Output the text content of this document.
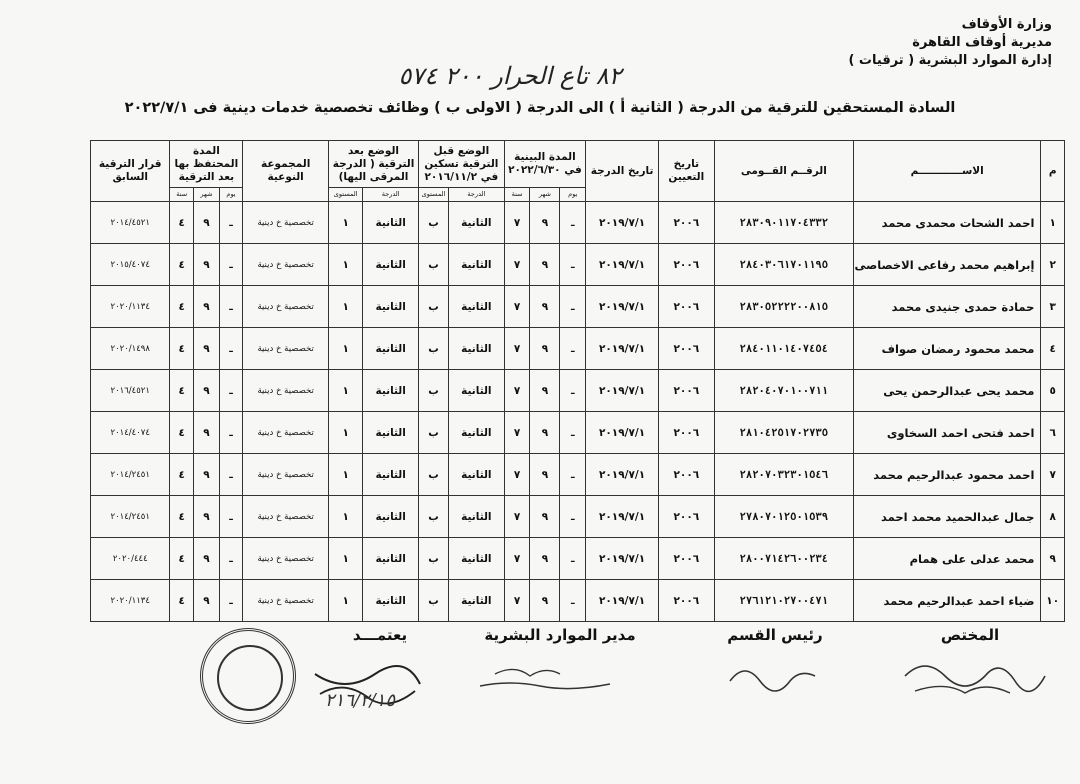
وزارة الأوقاف
مديرية أوقاف القاهرة
إدارة الموارد البشرية ( ترقيات )
٨٢ تاع الحرار ٢٠٠ ٥٧٤
السادة المستحقين للترقية من الدرجة ( الثانية أ ) الى الدرجة ( الاولى ب ) وظائف تخصصية خدمات دينية فى ٢٠٢٢/٧/١
م	الاســــــــــــم	الرقــم القــومى	تاريخ التعيين	تاريخ الدرجة	المدة البينية في ٢٠٢٢/٦/٣٠			الوضع قبل الترقية تسكين في ٢٠١٦/١١/٢		الوضع بعد الترقية ( الدرجة المرقى اليها)		المجموعة النوعية	المدة المحتفظ بها بعد الترقية			قرار الترقية السابق
					يوم	شهر	سنة	الدرجة	المستوى	الدرجة	المستوى		يوم	شهر	سنة	
١	احمد الشحات محمدى محمد	٢٨٣٠٩٠١١٧٠٤٣٣٢	٢٠٠٦	٢٠١٩/٧/١	ـ	٩	٧	الثانية	ب	الثانية	١	تخصصية خ دينية	ـ	٩	٤	٢٠١٤/٤٥٢١
٢	إبراهيم محمد رفاعى الاخصاصى	٢٨٤٠٣٠٦١٧٠١١٩٥	٢٠٠٦	٢٠١٩/٧/١	ـ	٩	٧	الثانية	ب	الثانية	١	تخصصية خ دينية	ـ	٩	٤	٢٠١٥/٤٠٧٤
٣	حمادة حمدى جنيدى محمد	٢٨٣٠٥٢٢٢٢٠٠٨١٥	٢٠٠٦	٢٠١٩/٧/١	ـ	٩	٧	الثانية	ب	الثانية	١	تخصصية خ دينية	ـ	٩	٤	٢٠٢٠/١١٣٤
٤	محمد محمود رمضان صواف	٢٨٤٠١١٠١٤٠٧٤٥٤	٢٠٠٦	٢٠١٩/٧/١	ـ	٩	٧	الثانية	ب	الثانية	١	تخصصية خ دينية	ـ	٩	٤	٢٠٢٠/١٤٩٨
٥	محمد يحى عبدالرحمن يحى	٢٨٢٠٤٠٧٠١٠٠٧١١	٢٠٠٦	٢٠١٩/٧/١	ـ	٩	٧	الثانية	ب	الثانية	١	تخصصية خ دينية	ـ	٩	٤	٢٠١٦/٤٥٢١
٦	احمد فتحى احمد السخاوى	٢٨١٠٤٢٥١٧٠٢٧٣٥	٢٠٠٦	٢٠١٩/٧/١	ـ	٩	٧	الثانية	ب	الثانية	١	تخصصية خ دينية	ـ	٩	٤	٢٠١٤/٤٠٧٤
٧	احمد محمود عبدالرحيم محمد	٢٨٢٠٧٠٣٢٣٠١٥٤٦	٢٠٠٦	٢٠١٩/٧/١	ـ	٩	٧	الثانية	ب	الثانية	١	تخصصية خ دينية	ـ	٩	٤	٢٠١٤/٢٤٥١
٨	جمال عبدالحميد محمد احمد	٢٧٨٠٧٠١٢٥٠١٥٣٩	٢٠٠٦	٢٠١٩/٧/١	ـ	٩	٧	الثانية	ب	الثانية	١	تخصصية خ دينية	ـ	٩	٤	٢٠١٤/٢٤٥١
٩	محمد عدلى على همام	٢٨٠٠٧١٤٢٦٠٠٢٣٤	٢٠٠٦	٢٠١٩/٧/١	ـ	٩	٧	الثانية	ب	الثانية	١	تخصصية خ دينية	ـ	٩	٤	٢٠٢٠/٤٤٤
١٠	ضياء احمد عبدالرحيم محمد	٢٧٦١٢١٠٢٧٠٠٤٧١	٢٠٠٦	٢٠١٩/٧/١	ـ	٩	٧	الثانية	ب	الثانية	١	تخصصية خ دينية	ـ	٩	٤	٢٠٢٠/١١٣٤
المختص
رئيس القسم
مدير الموارد البشرية
يعتمـــد
٢١٦/٢/١٥
